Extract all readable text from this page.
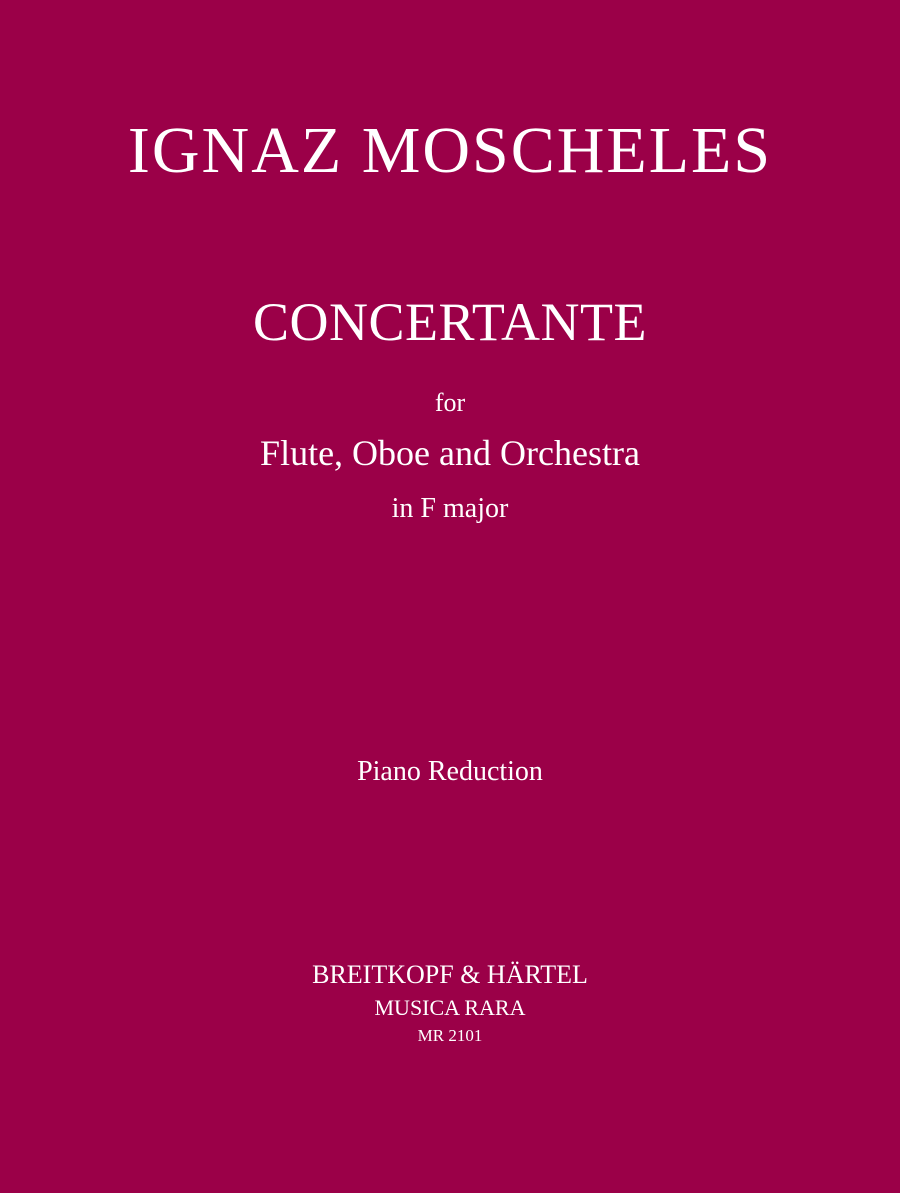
IGNAZ MOSCHELES
CONCERTANTE
for
Flute, Oboe and Orchestra
in F major
Piano Reduction
BREITKOPF & HÄRTEL
MUSICA RARA
MR 2101
